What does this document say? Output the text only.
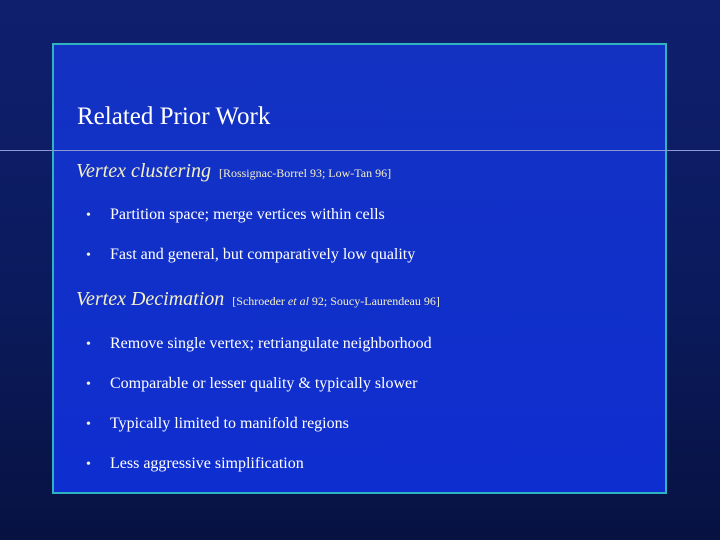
Related Prior Work
Vertex clustering [Rossignac-Borrel 93; Low-Tan 96]
• Partition space; merge vertices within cells
• Fast and general, but comparatively low quality
Vertex Decimation [Schroeder et al 92; Soucy-Laurendeau 96]
• Remove single vertex; retriangulate neighborhood
• Comparable or lesser quality & typically slower
• Typically limited to manifold regions
• Less aggressive simplification
